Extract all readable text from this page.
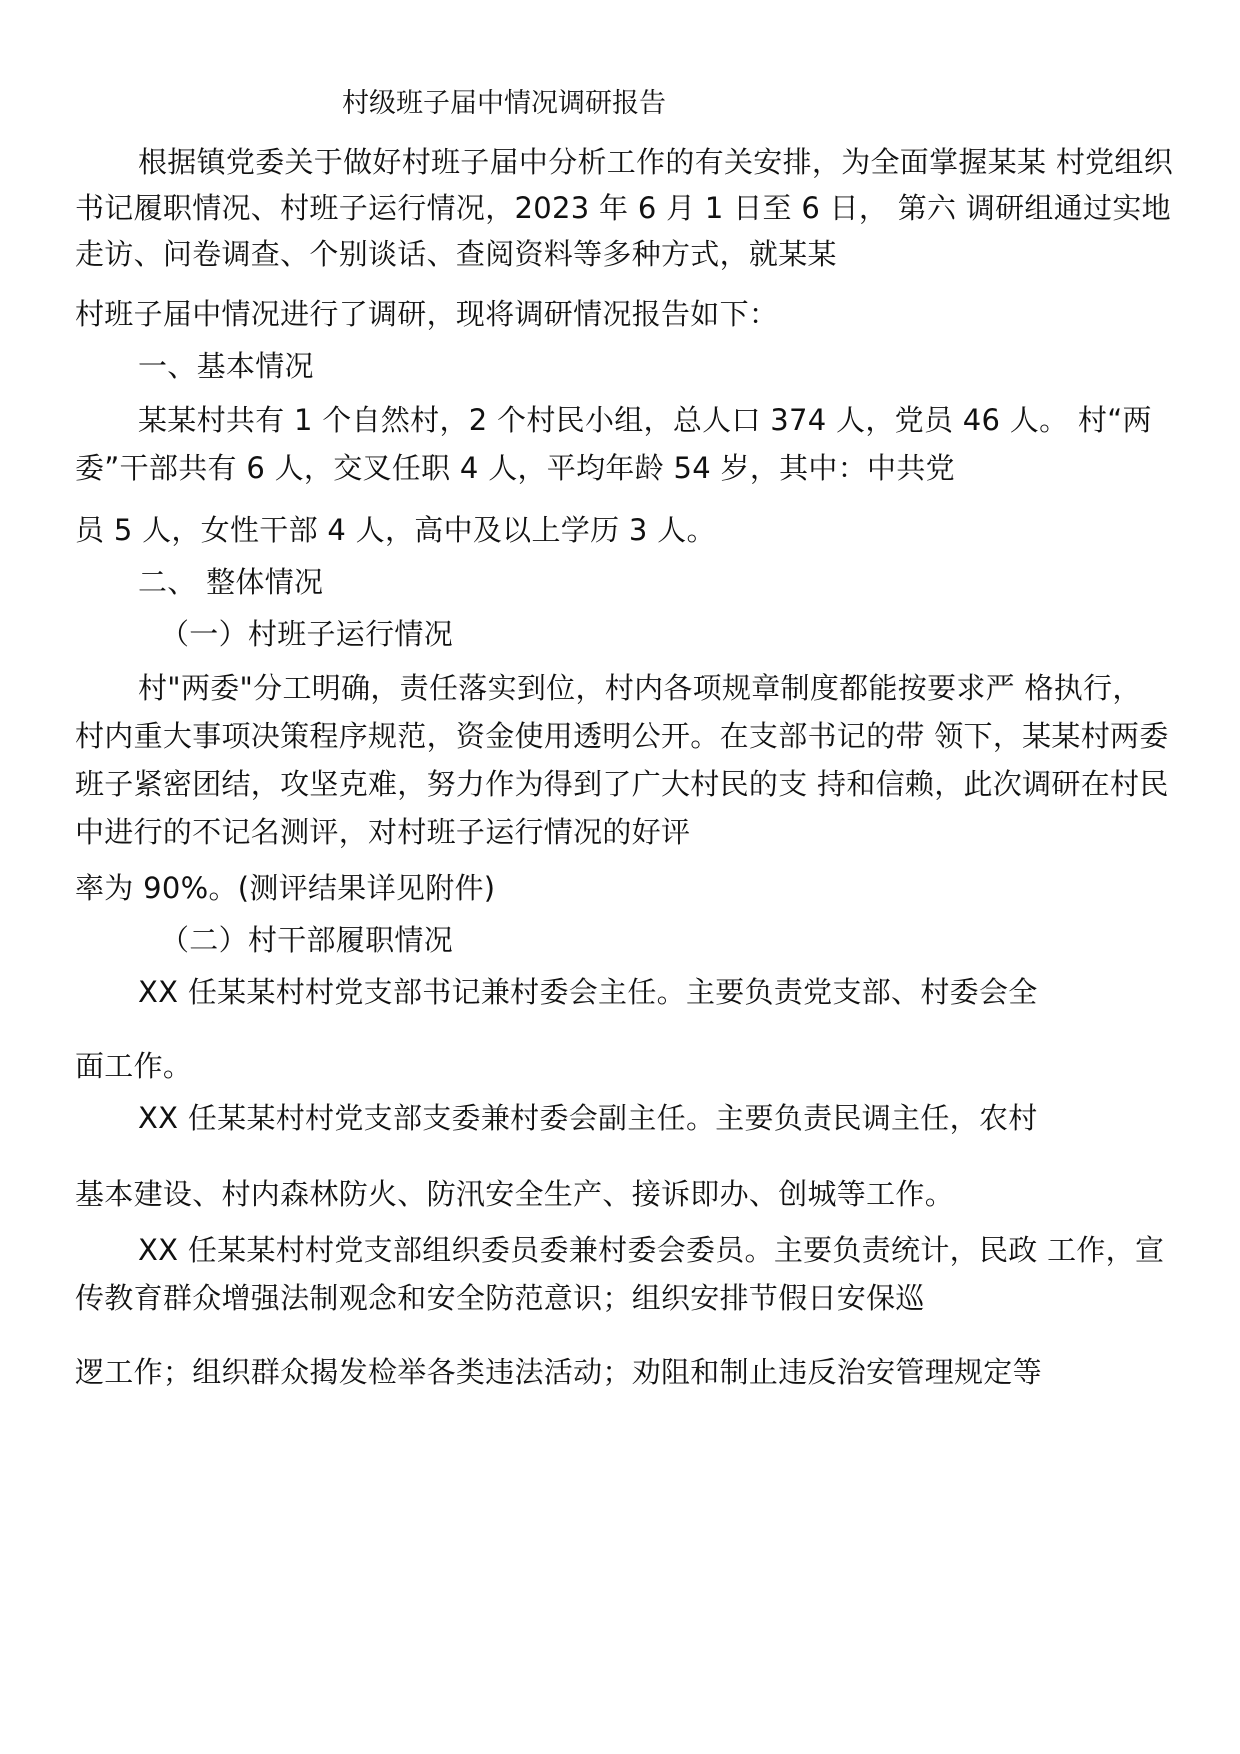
村级班子届中情况调研报告
根据镇党委关于做好村班子届中分析工作的有关安排，为全面掌握某某 村党组织
书记履职情况、村班子运行情况，2023 年 6 月 1 日至 6 日， 第六 调研组通过实地
走访、问卷调查、个别谈话、查阅资料等多种方式，就某某
村班子届中情况进行了调研，现将调研情况报告如下：
一、基本情况
某某村共有 1 个自然村，2 个村民小组，总人口 374 人，党员 46 人。 村“两
委”干部共有 6 人，交叉任职 4 人，平均年龄 54 岁，其中：中共党
员 5 人，女性干部 4 人，高中及以上学历 3 人。
二、 整体情况
（一）村班子运行情况
村"两委"分工明确，责任落实到位，村内各项规章制度都能按要求严 格执行，
村内重大事项决策程序规范，资金使用透明公开。在支部书记的带 领下，某某村两委
班子紧密团结，攻坚克难，努力作为得到了广大村民的支 持和信赖，此次调研在村民
中进行的不记名测评，对村班子运行情况的好评
率为 90%。(测评结果详见附件)
（二）村干部履职情况
XX 任某某村村党支部书记兼村委会主任。主要负责党支部、村委会全
面工作。
XX 任某某村村党支部支委兼村委会副主任。主要负责民调主任，农村
基本建设、村内森林防火、防汛安全生产、接诉即办、创城等工作。
XX 任某某村村党支部组织委员委兼村委会委员。主要负责统计，民政 工作，宣
传教育群众增强法制观念和安全防范意识；组织安排节假日安保巡
逻工作；组织群众揭发检举各类违法活动；劝阻和制止违反治安管理规定等
